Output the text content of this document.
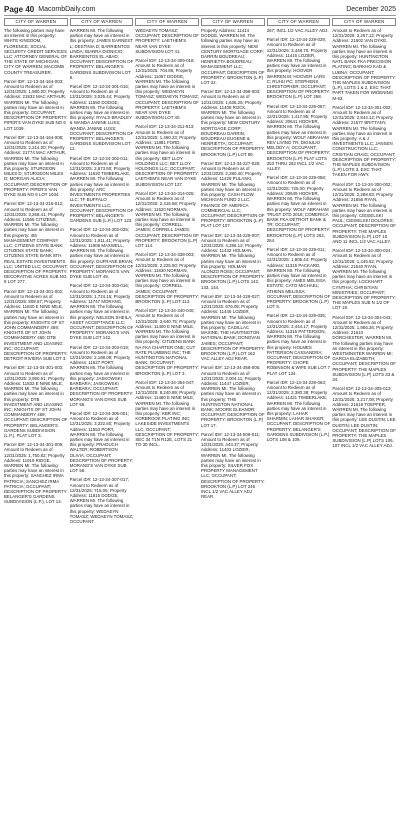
Page 40 MacombDaily.com	December 2025
CITY OF WARREN

The following parties may have an interest in this property: WHITE KINGDOM, FLORENCE; SOCIAL SECURITY CREDIT SERVICES LLC; ATTORNEY GENERAL OF THE STATE OF MICHIGAN; CITY OF WARREN; MACOMB COUNTY TREASURER.

Parcel ID#: 12-13-34-164-003; Amount to Redeem as of 12/31/2025: 1,980.00; Property Address: 21832 MAC ARTHUR, WARREN MI. The following parties may have an interest in this property: OCCUPANT; DESCRIPTION OF PROPERTY: PIPER'S VAN DYKE SUB NO 6 LOT 1039.

Parcel ID#: 12-13-34-164-008; Amount to Redeem as of 12/31/2025: 2,214.00; Property Address: 21774 MAC ARTHUR, WARREN MI. The following parties may have an interest in this property: STURGEON MILES D; STURGEON MILES D; MORGAN ALICIA; OCCUPANT; DESCRIPTION OF PROPERTY: PIPER'S VAN DYKE SUB NO 6 LOT 1034.

Parcel ID#: 12-13-34-216-012; Amount to Redeem as of 12/31/2025: 3,268.41; Property Address: 11566 CITIZENS, WARREN MI. The following parties may have an interest in this property: 4M MANAGEMENT COMPANY LLC; CITIZENS STATE BANK; CITIZENS STATE BANK; CITIZENS STATE BANK 8TH REAL ESTATE INVESTMENTS LLC; UNITED LLC; OCCUPANT; DESCRIPTION OF PROPERTY: DECORATIVE ACRES SUB NO. 8 LOT 277.

Parcel ID#: 12-13-34-301-002; Amount to Redeem as of 12/31/2025: 808.57; Property Address: 11840 E NINE MILE, WARREN MI. The following parties may have an interest in this property: KNIGHTS OF ST JOHN COMMANDERY 469; KNIGHTS OF ST JOHN COMMANDERY 469; DTB INVESTMENT AND LEASING INC; OCCUPANT; DESCRIPTION OF PROPERTY: DETROIT RIVIERA SUB LOT 3.

Parcel ID#: 12-13-34-301-003; Amount to Redeem as of 12/31/2025: 3,950.61; Property Address: 11832 E NINE MILE, WARREN MI. The following parties may have an interest in this property: DTB INVESTMENT AND LEASING INC; KNIGHTS OF ST JOHN COMMANDERY 469; OCCUPANT; DESCRIPTION OF PROPERTY: BELANGER'S GARDENS SUBDIVISION (L.P.), PLAT LOT 3.

Parcel ID#: 12-13-34-301-009; Amount to Redeem as of 12/31/2025: 1,750.82; Property Address: 11919 RIDGE, WARREN MI. The following parties may have an interest in this property: SANCHEZ IRMA PATRICIA; SANCHEZ IRMA PATRICIA; OCCUPANT; DESCRIPTION OF PROPERTY: BELANGER'S GARDENS SUBDIVISION (L.P.), LOT 14.

CITY OF WARREN

WARREN MI. The following parties may have an interest in this property: JAMES EARNEST L; DESTINIA D; BARRIENTOS LINDA; IBARRA DIONICIO; BARRIENTOS EL ABAD; OCCUPANT; DESCRIPTION OF PROPERTY: BELANGER'S GARDENS SUBDIVISION LOT 9.

Parcel ID#: 12-13-34-301-016; Amount to Redeem as of 12/31/2025: 3,025.44; Property Address: 11550 DODGE, WARREN MI. The following parties may have an interest in this property: RYALS BRADLEY & WANDA JANINE LUSS; WANDA JANINE LUSS; OCCUPANT; DESCRIPTION OF PROPERTY: BELANGER'S GARDENS SUBDIVISION LOT 12.

Parcel ID#: 12-13-34-302-011; Amount to Redeem as of 12/31/2025: 2,673.50; Property Address: 11620 TIMBERLAKE, WARREN MI. The following parties may have an interest in this property: ARC INVESTMENTS PROPERTIES LLC; TF BUFFALO INVESTMENTS LLC; OCCUPANT; DESCRIPTION OF PROPERTY: BELANGER'S GARDENS SUB (L.P.) LOT 123.

Parcel ID#: 12-13-34-302-025; Amount to Redeem as of 12/31/2025: 1,911.41; Property Address: 11905 MAXWELL, WARREN MI. The following parties may have an interest in this property: DUFRANE BRIAN; OCCUPANT; DESCRIPTION OF PROPERTY: MORANG'S VAN DYKE SUB LOT 49.

Parcel ID#: 12-13-34-303-016; Amount to Redeem as of 12/31/2025: 1,724.15; Property Address: 11747 MORANG, WARREN MI. The following parties may have an interest in this property: NELSON SHEILA; ASSET ACCEPTANCE LLC; OCCUPANT; DESCRIPTION OF PROPERTY: MORANG'S VAN DYKE SUB LOT 142.

Parcel ID#: 12-13-34-303-019; Amount to Redeem as of 12/31/2025: 2,188.09; Property Address: 11627 PORT, WARREN MI. The following parties may have an interest in this property: JASKOWSKI BARBARA; JASKOWSKI BARBARA; OCCUPANT; DESCRIPTION OF PROPERTY: MORANG'S VAN DYKE SUB LOT 55.

Parcel ID#: 12-13-34-305-001; Amount to Redeem as of 12/31/2025: 3,322.60; Property Address: 11553 PORT, WARREN MI. The following parties may have an interest in this property: PRADUCH WALTER; ROBERTSON OLIVIA; OCCUPANT; DESCRIPTION OF PROPERTY: MORANG'S VAN DYKE SUB LOT 56.

Parcel ID#: 12-13-34-307-017; Amount to Redeem as of 12/31/2025: 715.05; Property Address: 11815 DODGE, WARREN MI. The following parties may have an interest in this property: WEDAEYN TOMASZ; WEDAEYN TOMASZ; OCCUPANT.

CITY OF WARREN

WEDAEYN TOMASZ; OCCUPANT; DESCRIPTION OF PROPERTY: LAETHEM'S NEAR VAN DYKE SUBDIVISION LOT 41.

Parcel ID#: 12-13-34-309-018; Amount to Redeem as of 12/31/2025: 704.86; Property Address: 11057 DODGE, WARREN MI. The following parties may have an interest in this property: WEDAEYN TOMASZ; WEDAEYN TOMASZ; OCCUPANT; DESCRIPTION OF PROPERTY: LAETHEM'S NEAR VAN DYKE SUBDIVISION LOT 40.

Parcel ID#: 12-13-34-311-013; Amount to Redeem as of 12/31/2025: 1,460.23; Property Address: 11881 FORD, WARREN MI. The following parties may have an interest in this property: BET LLOY HOLDINGS LLC; BET LLOY HOLDINGS LLC; OCCUPANT; DESCRIPTION OF PROPERTY: LAETHEM'S NEAR VAN DYKE SUBDIVISION LOT 127.

Parcel ID#: 12-13-34-314-025; Amount to Redeem as of 12/31/2025: 2,416.58; Property Address: 11520 NORMAN, WARREN MI. The following parties may have an interest in this property: CORRELL JAMES; CORRELL JAMES; OCCUPANT; DESCRIPTION OF PROPERTY: BROOKTON (L.P) LOT 114.

Parcel ID#: 12-13-34-338-003; Amount to Redeem as of 12/31/2025: 2,225.50; Property Address: 11630 NORMAN, WARREN MI. The following parties may have an interest in this property: CORRELL JAMES; OCCUPANT; DESCRIPTION OF PROPERTY: BROOKTON (L.P) LOT 113.

Parcel ID#: 12-13-34-340-040; Amount to Redeem as of 12/31/2025: 3,640.75; Property Address: 11400 E NINE MILE, WARREN MI. The following parties may have an interest in this property: CITIZENS BANK NA FKA CHARTER ONE; CUT RATE PLUMBING INC; THE HUNTINGTON NATIONAL BANK; OCCUPANT; DESCRIPTION OF PROPERTY: BROOKTON (L.P) LOT 3.

Parcel ID#: 12-13-34-354-047; Amount to Redeem as of 12/31/2025: 8,240.89; Property Address: 11480 E NINE MILE, WARREN MI. The following parties may have an interest in this property: KBR INC; KORBROOK PLATING INC; LAKESIDE INVESTMENTS LLC; OCCUPANT; DESCRIPTION OF PROPERTY: SEC 34 T1N R12E, LOTS 21 TO 30 INCL.

CITY OF WARREN

Property Address: 11414 DODGE, WARREN MI. The following parties may have an interest in this property: NEW CENTURY MORTGAGE CORP; DARRIN BOUDREAU; HENRIETTA BOUDREAU; MANAGEMENT LLC; OCCUPANT; DESCRIPTION OF PROPERTY: BROOKTON (L.P) LOT 22.

Parcel ID#: 12-13-34-398-003; Amount to Redeem as of 12/31/2025: 1,635.25; Property Address: 11408 ROCK, WARREN MI. The following parties may have an interest in this property: NEW CENTURY MORTGAGE CORP; BOUDREAU DARRIN; BOUDREAU EUGENE & HENRIETTA; OCCUPANT; DESCRIPTION OF PROPERTY: BROOKTON (L.P) LOT 99.

Parcel ID#: 12-13-34-227-028; Amount to Redeem as of 12/31/2025: 2,280.40; Property Address: 11429 PULASKI, WARREN MI. The following parties may have an interest in this property: CASH FLOW MICHIGAN FUND 2 LLC; FINANCE OF AMERICA COMMERCIAL LLC; OCCUPANT; DESCRIPTION OF PROPERTY: BROOKTON (L.P) PLAT LOT 107.

Parcel ID#: 12-13-34-229-007; Amount to Redeem as of 12/31/2025: 4,286.12; Property Address: 11432 HOLMAN, WARREN MI. The following parties may have an interest in this property: HOLMAN ALONZO ROSS; OCCUPANT; DESCRIPTION OF PROPERTY: BROOKTON (L.P) LOTS 142, 143, 144.

Parcel ID#: 12-13-34-229-027; Amount to Redeem as of 12/31/2025: 676.05; Property Address: 11446 LOZIER, WARREN MI. The following parties may have an interest in this property: CADILLAC MAXINE; THE HUNTINGTON NATIONAL BANK; DONOVAN JAMES; OCCUPANT; DESCRIPTION OF PROPERTY: BROOKTON (L.P) LOT 162 VAC ALLEY ADJ REAR.

Parcel ID#: 12-13-34-358-006; Amount to Redeem as of 12/31/2025: 2,004.11; Property Address: 11447 LOZIER, WARREN MI. The following parties may have an interest in this property: THE HUNTINGTON NATIONAL BANK; MOORE ELEANOR; OCCUPANT; DESCRIPTION OF PROPERTY: BROOKTON (L.P) LOT 17.

Parcel ID#: 12-13-34-509-011; Amount to Redeem as of 12/31/2025: 443.37; Property Address: 11402 LOZIER, WARREN MI. The following parties may have an interest in this property: SILVER FOX PROPERTY MANAGEMENT LLC; OCCUPANT; DESCRIPTION OF PROPERTY: BROOKTON (L.P) LOT 245 INCL 1/2 VAC ALLEY ADJ REAR.

CITY OF WARREN

267; INCL 1/2 VAC ALLEY ADJ.

Parcel ID#: 12-13-34-229-029; Amount to Redeem as of 12/31/2025: 3,448.70; Property Address: 11416 LOZIER, WARREN MI. The following parties may have an interest in this property: HOOVER WARREN M; HOOVER LARS C; RUHU PC; STEPHENS CHRISTOPHER; OCCUPANT; DESCRIPTION OF PROPERTY: BROOKTON (L.P) LOT 268.

Parcel ID#: 12-13-34-229-057; Amount to Redeem as of 12/31/2025: 1,417.95; Property Address: 20641 HOOVER, WARREN MI. The following parties may have an interest in this property: WOLF ABRAHAM REV LIVING TR; DIGIULIO MELODY A; OCCUPANT; DESCRIPTION OF PROPERTY: BROOKTON (L.P) PLAT LOTS 253 THRU 262 INCL 1/2 VAC ALLEY.

Parcel ID#: 12-13-34-229-058; Amount to Redeem as of 12/31/2025: 725.00; Property Address: 20649 HOOVER, WARREN MI. The following parties may have an interest in this property: WOLF ABRAHAM TRUST DTD 2018; COMERICA BANK FKA DETROIT BANK & TR; OCCUPANT; DESCRIPTION OF PROPERTY: BROOKTON (L.P) LOTS 263, 264.

Parcel ID#: 12-13-34-229-011; Amount to Redeem as of 12/31/2025: 1,805.44; Property Address: 11315 PACKARD, WARREN MI. The following parties may have an interest in this property: AMES MELISSA ESTATE; CATO MICHAEL; ATHENS MELISSA; OCCUPANT; DESCRIPTION OF PROPERTY: BROOKTON (L.P) LOT 5.

Parcel ID#: 12-13-34-229-035; Amount to Redeem as of 12/31/2025: 2,444.17; Property Address: 11315 PATTERSON, WARREN MI. The following parties may have an interest in this property: HOLMES PATTERSON CASSANDRA; OCCUPANT; DESCRIPTION OF PROPERTY: CHOPE ROBINSON & WIFE SUB LOT 7 PLAT LOT 134.

Parcel ID#: 12-13-34-229-063; Amount to Redeem as of 12/31/2025: 2,380.38; Property Address: 11421 TIMBERLAKE, WARREN MI. The following parties may have an interest in this property: LAHAR SHARMIN; LAHAR SHAKER; OCCUPANT; DESCRIPTION OF PROPERTY: BELANGER'S GARDENS SUBDIVISION (L.P.) LOTS 108 & 109.

CITY OF WARREN

Amount to Redeem as of 12/31/2025: 3,257.12; Property Address: 21602 VAN DYKE, WARREN MI. The following parties may have an interest in this property: HUNTINGTON NATL BANK FKA PRECISION PLATING; BARKHO KAD & LUBNA; OCCUPANT; DESCRIPTION OF PROPERTY: THE MAPLES SUBDIVISION (L.P), LOTS 1 & 2, EXC THAT PART TAKEN FOR WIDENING M-53.

Parcel ID#: 12-13-34-301-002; Amount to Redeem as of 12/31/2025: 2,844.12; Property Address: 21577 BRITTANY, WARREN MI. The following parties may have an interest in this property: A & J INVESTMENTS LLC; JANSEN CONSTRUCTION LLC; CRISTIAN CRAIG; OCCUPANT; DESCRIPTION OF PROPERTY: THE MAPLES SUBDIVISION (L.P) LOTS 3, EXC THAT TAKEN FOR HWY.

Parcel ID#: 12-13-34-300-002; Amount to Redeem as of 12/31/2025: 2,288.83; Property Address: 21656 RYAN, WARREN MI. The following parties may have an interest in this property: CIESIELSKI PAUL; CIESIELSKI DOLORES; OCCUPANT; DESCRIPTION OF PROPERTY: THE MAPLES SUBDIVISION (L.P) LOT 10 AND 11 INCL 1/2 VAC ALLEY.

Parcel ID#: 12-13-34-300-024; Amount to Redeem as of 12/31/2025: 1,445.62; Property Address: 21640 RYAN, WARREN MI. The following parties may have an interest in this property: LOCKHART CYNTHIA; CHRISTIAN MINISTRIES; OCCUPANT; DESCRIPTION OF PROPERTY: THE MAPLES SUB N 1/2 OF LOT 19.

Parcel ID#: 12-13-34-304-043; Amount to Redeem as of 12/31/2025: 1,956.26; Property Address: 21610 DORCHESTER, WARREN MI. The following parties may have an interest in this property: WESTMINSTER WARREN MI; GARCIA ELIZABETH; OCCUPANT; DESCRIPTION OF PROPERTY: THE MAPLES SUBDIVISION (L.P) LOTS 33 & 34.

Parcel ID#: 12-13-34-305-013; Amount to Redeem as of 12/31/2025: 3,217.08; Property Address: 21619 TOEPFER, WARREN MI. The following parties may have an interest in this property: LEE DUSTIN; LEE DUSTIN; LEE DUSTIN; OCCUPANT; DESCRIPTION OF PROPERTY: THE MAPLES SUBDIVISION (L.P) LOTS 106, 107 INCL 1/2 VAC ALLEY ADJ.
